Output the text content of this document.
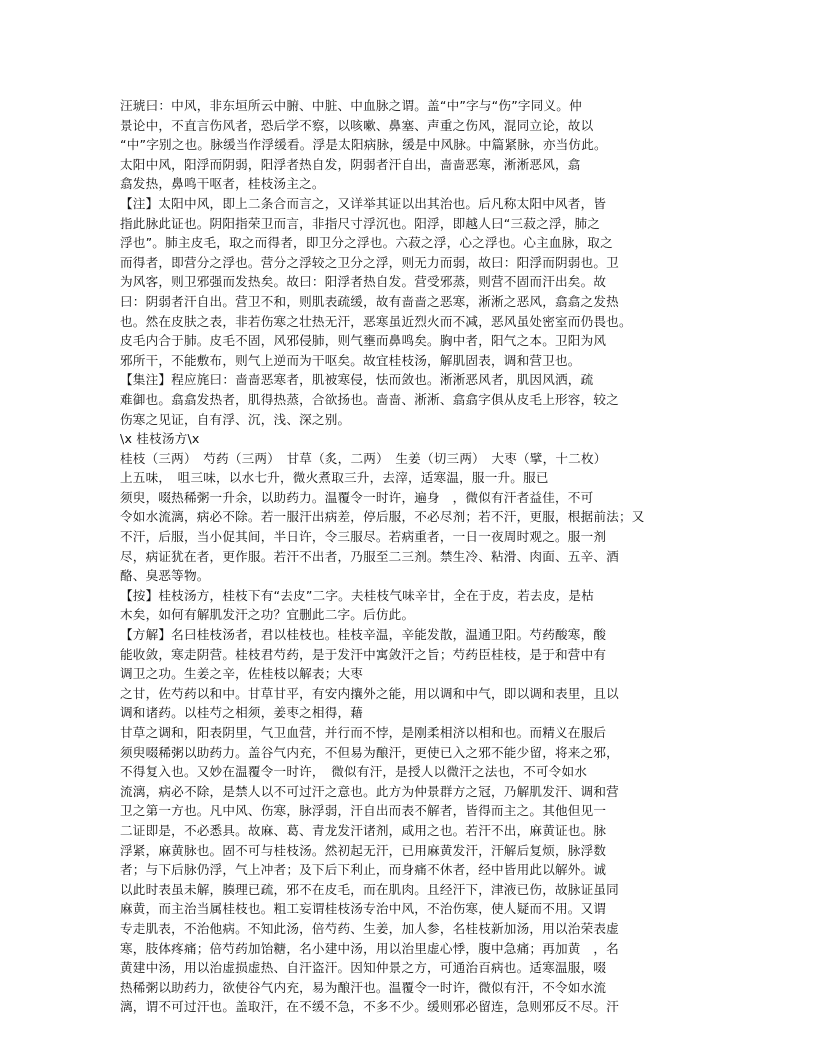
汪琥曰：中风，非东垣所云中腑、中脏、中血脉之谓。盖“中”字与“伤”字同义。仲
景论中，不直言伤风者，恐后学不察，以咳嗽、鼻塞、声重之伤风，混同立论，故以
“中”字别之也。脉缓当作浮缓看。浮是太阳病脉，缓是中风脉。中篇紧脉，亦当仿此。
太阳中风，阳浮而阴弱，阳浮者热自发，阴弱者汗自出，啬啬恶寒，淅淅恶风，翕
翕发热，鼻鸣干呕者，桂枝汤主之。
【注】太阳中风，即上二条合而言之，又详举其证以出其治也。后凡称太阳中风者，皆
指此脉此证也。阴阳指荣卫而言，非指尺寸浮沉也。阳浮，即越人曰“三菽之浮，肺之
浮也”。肺主皮毛，取之而得者，即卫分之浮也。六菽之浮，心之浮也。心主血脉，取之
而得者，即营分之浮也。营分之浮较之卫分之浮，则无力而弱，故曰：阳浮而阴弱也。卫
为风客，则卫邪强而发热矣。故曰：阳浮者热自发。营受邪蒸，则营不固而汗出矣。故
曰：阴弱者汗自出。营卫不和，则肌表疏缓，故有啬啬之恶寒，淅淅之恶风，翕翕之发热
也。然在皮肤之表，非若伤寒之壮热无汗，恶寒虽近烈火而不减，恶风虽处密室而仍畏也。
皮毛内合于肺。皮毛不固，风邪侵肺，则气壅而鼻鸣矣。胸中者，阳气之本。卫阳为风
邪所干，不能敷布，则气上逆而为干呕矣。故宜桂枝汤，解肌固表，调和营卫也。
【集注】程应旄曰：啬啬恶寒者，肌被寒侵，怯而敛也。淅淅恶风者，肌因风洒，疏
难御也。翕翕发热者，肌得热蒸，合欲扬也。啬啬、淅淅、翕翕字俱从皮毛上形容，较之
伤寒之见证，自有浮、沉，浅、深之别。
\x 桂枝汤方\x
桂枝（三两）　芍药（三两）　甘草（炙，二两）　生姜（切三两）　大枣（擘，十二枚）
上五味，　咀三味，以水七升，微火煮取三升，去滓，适寒温，服一升。服已
须臾，啜热稀粥一升余，以助药力。温覆令一时许，遍身　，微似有汗者益佳，不可
令如水流漓，病必不除。若一服汗出病差，停后服，不必尽剂；若不汗，更服，根据前法；又
不汗，后服，当小促其间，半日许，令三服尽。若病重者，一日一夜周时观之。服一剂
尽，病证犹在者，更作服。若汗不出者，乃服至二三剂。禁生冷、粘滑、肉面、五辛、酒
酪、臭恶等物。
【按】桂枝汤方，桂枝下有“去皮”二字。夫桂枝气味辛甘，全在于皮，若去皮，是枯
木矣，如何有解肌发汗之功？宜删此二字。后仿此。
【方解】名曰桂枝汤者，君以桂枝也。桂枝辛温，辛能发散，温通卫阳。芍药酸寒，酸
能收敛，寒走阴营。桂枝君芍药，是于发汗中寓敛汗之旨；芍药臣桂枝，是于和营中有
调卫之功。生姜之辛，佐桂枝以解表；大枣
之甘，佐芍药以和中。甘草甘平，有安内攘外之能，用以调和中气，即以调和表里，且以
调和诸药。以桂芍之相须，姜枣之相得，藉
甘草之调和，阳表阴里，气卫血营，并行而不悖，是刚柔相济以相和也。而精义在服后
须臾啜稀粥以助药力。盖谷气内充，不但易为酿汗，更使已入之邪不能少留，将来之邪，
不得复入也。又妙在温覆令一时许，　微似有汗，是授人以微汗之法也，不可令如水
流漓，病必不除，是禁人以不可过汗之意也。此方为仲景群方之冠，乃解肌发汗、调和营
卫之第一方也。凡中风、伤寒，脉浮弱，汗自出而表不解者，皆得而主之。其他但见一
二证即是，不必悉具。故麻、葛、青龙发汗诸剂，咸用之也。若汗不出，麻黄证也。脉
浮紧，麻黄脉也。固不可与桂枝汤。然初起无汗，已用麻黄发汗，汗解后复烦，脉浮数
者；与下后脉仍浮，气上冲者；及下后下利止，而身痛不休者，经中皆用此以解外。诚
以此时表虽未解，腠理已疏，邪不在皮毛，而在肌肉。且经汗下，津液已伤，故脉证虽同
麻黄，而主治当属桂枝也。粗工妄谓桂枝汤专治中风，不治伤寒，使人疑而不用。又谓
专走肌表，不治他病。不知此汤，倍芍药、生姜，加人参，名桂枝新加汤，用以治荣表虚
寒，肢体疼痛；倍芍药加饴糖，名小建中汤，用以治里虚心悸，腹中急痛；再加黄　，名
黄建中汤，用以治虚损虚热、自汗盗汗。因知仲景之方，可通治百病也。适寒温服，啜
热稀粥以助药力，欲使谷气内充，易为酿汗也。温覆令一时许，微似有汗，不令如水流
漓，谓不可过汗也。盖取汗，在不缓不急，不多不少。缓则邪必留连，急则邪反不尽。汗
